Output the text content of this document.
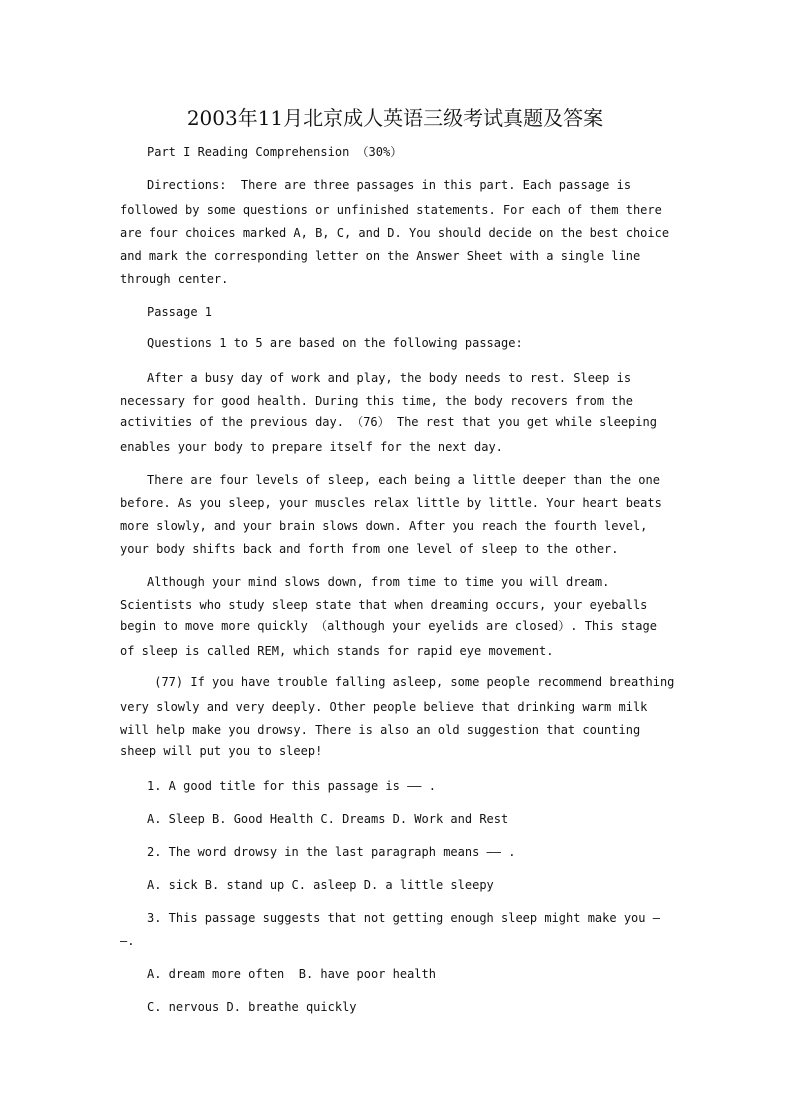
2003年11月北京成人英语三级考试真题及答案

Part I Reading Comprehension （30%）

Directions:  There are three passages in this part. Each passage is

followed by some questions or unfinished statements. For each of them there

are four choices marked A, B, C, and D. You should decide on the best choice

and mark the corresponding letter on the Answer Sheet with a single line

through center.

Passage 1

Questions 1 to 5 are based on the following passage:

After a busy day of work and play, the body needs to rest. Sleep is

necessary for good health. During this time, the body recovers from the

activities of the previous day. （76） The rest that you get while sleeping

enables your body to prepare itself for the next day.

There are four levels of sleep, each being a little deeper than the one

before. As you sleep, your muscles relax little by little. Your heart beats

more slowly, and your brain slows down. After you reach the fourth level,

your body shifts back and forth from one level of sleep to the other.

Although your mind slows down, from time to time you will dream.

Scientists who study sleep state that when dreaming occurs, your eyeballs

begin to move more quickly （although your eyelids are closed）. This stage

of sleep is called REM, which stands for rapid eye movement.

(77) If you have trouble falling asleep, some people recommend breathing

very slowly and very deeply. Other people believe that drinking warm milk

will help make you drowsy. There is also an old suggestion that counting

sheep will put you to sleep!

1. A good title for this passage is —— .

A. Sleep B. Good Health C. Dreams D. Work and Rest

2. The word drowsy in the last paragraph means —— .

A. sick B. stand up C. asleep D. a little sleepy

3. This passage suggests that not getting enough sleep might make you —

—.

A. dream more often  B. have poor health

C. nervous D. breathe quickly
